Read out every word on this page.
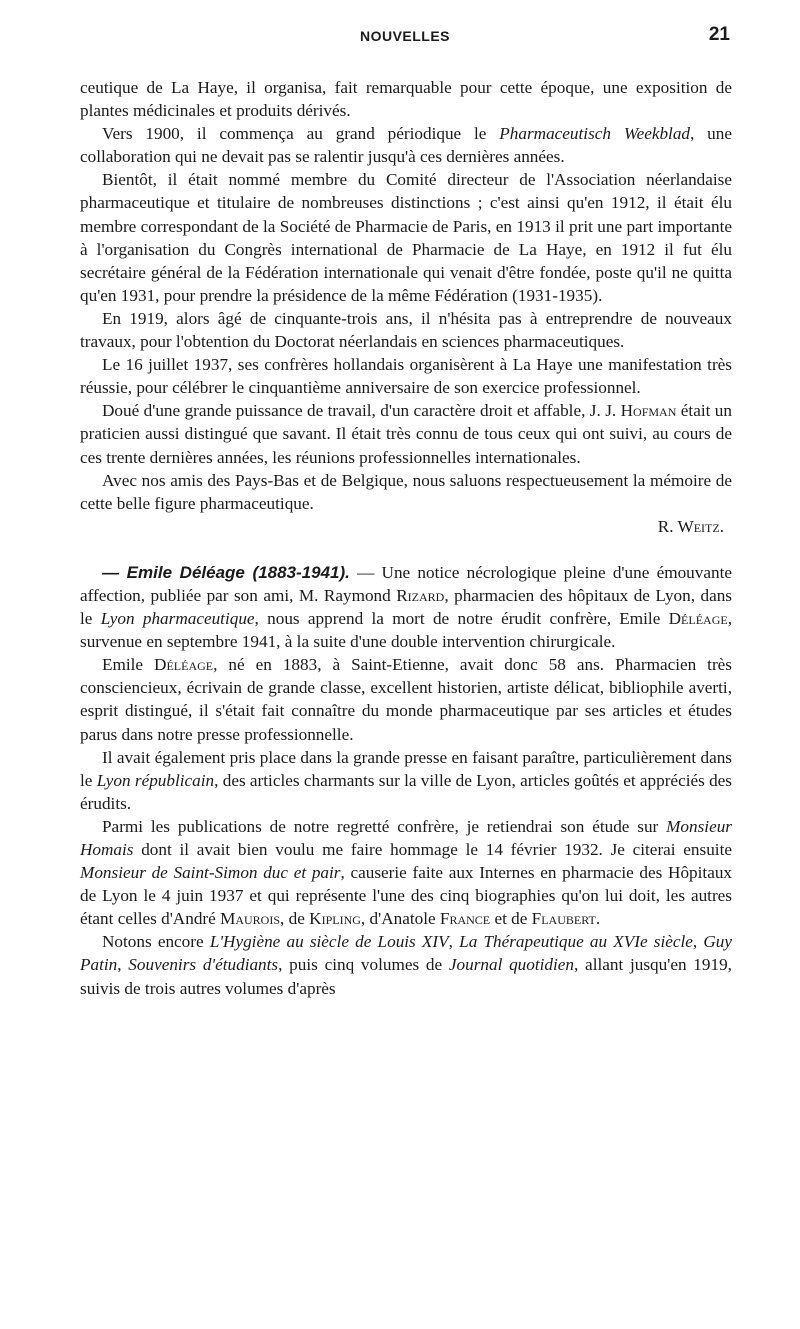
NOUVELLES	21

ceutique de La Haye, il organisa, fait remarquable pour cette époque, une exposition de plantes médicinales et produits dérivés.

Vers 1900, il commença au grand périodique le Pharmaceutisch Weekblad, une collaboration qui ne devait pas se ralentir jusqu'à ces dernières années.

Bientôt, il était nommé membre du Comité directeur de l'Association néerlandaise pharmaceutique et titulaire de nombreuses distinctions ; c'est ainsi qu'en 1912, il était élu membre correspondant de la Société de Pharmacie de Paris, en 1913 il prit une part importante à l'organisation du Congrès international de Pharmacie de La Haye, en 1912 il fut élu secrétaire général de la Fédération internationale qui venait d'être fondée, poste qu'il ne quitta qu'en 1931, pour prendre la présidence de la même Fédération (1931-1935).

En 1919, alors âgé de cinquante-trois ans, il n'hésita pas à entreprendre de nouveaux travaux, pour l'obtention du Doctorat néerlandais en sciences pharmaceutiques.

Le 16 juillet 1937, ses confrères hollandais organisèrent à La Haye une manifestation très réussie, pour célébrer le cinquantième anniversaire de son exercice professionnel.

Doué d'une grande puissance de travail, d'un caractère droit et affable, J. J. Hofman était un praticien aussi distingué que savant. Il était très connu de tous ceux qui ont suivi, au cours de ces trente dernières années, les réunions professionnelles internationales.

Avec nos amis des Pays-Bas et de Belgique, nous saluons respectueusement la mémoire de cette belle figure pharmaceutique.

R. Weitz.

— Emile Déléage (1883-1941). — Une notice nécrologique pleine d'une émouvante affection, publiée par son ami, M. Raymond Rizard, pharmacien des hôpitaux de Lyon, dans le Lyon pharmaceutique, nous apprend la mort de notre érudit confrère, Emile Déléage, survenue en septembre 1941, à la suite d'une double intervention chirurgicale.

Emile Déléage, né en 1883, à Saint-Etienne, avait donc 58 ans. Pharmacien très consciencieux, écrivain de grande classe, excellent historien, artiste délicat, bibliophile averti, esprit distingué, il s'était fait connaître du monde pharmaceutique par ses articles et études parus dans notre presse professionnelle.

Il avait également pris place dans la grande presse en faisant paraître, particulièrement dans le Lyon républicain, des articles charmants sur la ville de Lyon, articles goûtés et appréciés des érudits.

Parmi les publications de notre regretté confrère, je retiendrai son étude sur Monsieur Homais dont il avait bien voulu me faire hommage le 14 février 1932. Je citerai ensuite Monsieur de Saint-Simon duc et pair, causerie faite aux Internes en pharmacie des Hôpitaux de Lyon le 4 juin 1937 et qui représente l'une des cinq biographies qu'on lui doit, les autres étant celles d'André Maurois, de Kipling, d'Anatole France et de Flaubert.

Notons encore L'Hygiène au siècle de Louis XIV, La Thérapeutique au XVIe siècle, Guy Patin, Souvenirs d'étudiants, puis cinq volumes de Journal quotidien, allant jusqu'en 1919, suivis de trois autres volumes d'après
